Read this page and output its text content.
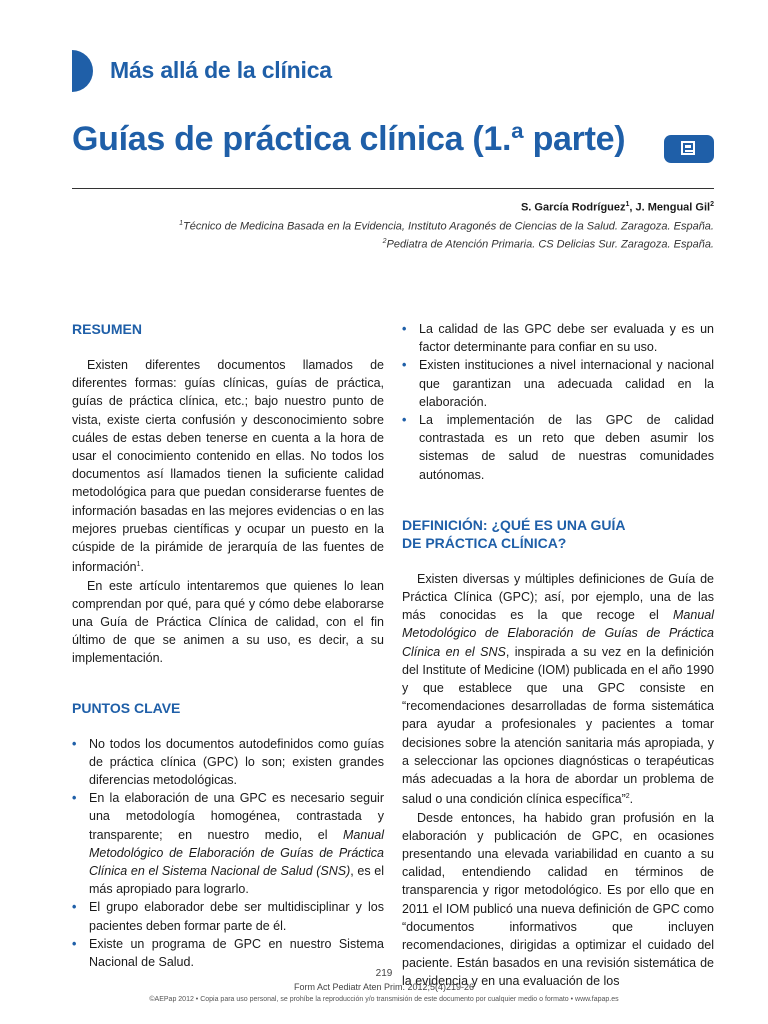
Más allá de la clínica
Guías de práctica clínica (1.ª parte)
S. García Rodríguez$^1$, J. Mengual Gil$^2$
$^1$Técnico de Medicina Basada en la Evidencia, Instituto Aragonés de Ciencias de la Salud. Zaragoza. España.
$^2$Pediatra de Atención Primaria. CS Delicias Sur. Zaragoza. España.
RESUMEN

Existen diferentes documentos llamados de diferentes formas: guías clínicas, guías de práctica, guías de práctica clínica, etc.; bajo nuestro punto de vista, existe cierta confusión y desconocimiento sobre cuáles de estas deben tenerse en cuenta a la hora de usar el conocimiento contenido en ellas. No todos los documentos así llamados tienen la suficiente calidad metodológica para que puedan considerarse fuentes de información basadas en las mejores evidencias o en las mejores pruebas científicas y ocupar un puesto en la cúspide de la pirámide de jerarquía de las fuentes de información$^1$.

En este artículo intentaremos que quienes lo lean comprendan por qué, para qué y cómo debe elaborarse una Guía de Práctica Clínica de calidad, con el fin último de que se animen a su uso, es decir, a su implementación.

PUNTOS CLAVE
• No todos los documentos autodefinidos como guías de práctica clínica (GPC) lo son; existen grandes diferencias metodológicas.
• En la elaboración de una GPC es necesario seguir una metodología homogénea, contrastada y transparente; en nuestro medio, el Manual Metodológico de Elaboración de Guías de Práctica Clínica en el Sistema Nacional de Salud (SNS), es el más apropiado para lograrlo.
• El grupo elaborador debe ser multidisciplinar y los pacientes deben formar parte de él.
• Existe un programa de GPC en nuestro Sistema Nacional de Salud.
• La calidad de las GPC debe ser evaluada y es un factor determinante para confiar en su uso.
• Existen instituciones a nivel internacional y nacional que garantizan una adecuada calidad en la elaboración.
• La implementación de las GPC de calidad contrastada es un reto que deben asumir los sistemas de salud de nuestras comunidades autónomas.
DEFINICIÓN: ¿QUÉ ES UNA GUÍA
DE PRÁCTICA CLÍNICA?

Existen diversas y múltiples definiciones de Guía de Práctica Clínica (GPC); así, por ejemplo, una de las más conocidas es la que recoge el Manual Metodológico de Elaboración de Guías de Práctica Clínica en el SNS, inspirada a su vez en la definición del Institute of Medicine (IOM) publicada en el año 1990 y que establece que una GPC consiste en “recomendaciones desarrolladas de forma sistemática para ayudar a profesionales y pacientes a tomar decisiones sobre la atención sanitaria más apropiada, y a seleccionar las opciones diagnósticas o terapéuticas más adecuadas a la hora de abordar un problema de salud o una condición clínica específica”$^2$.

Desde entonces, ha habido gran profusión en la elaboración y publicación de GPC, en ocasiones presentando una elevada variabilidad en cuanto a su calidad, entendiendo calidad en términos de transparencia y rigor metodológico. Es por ello que en 2011 el IOM publicó una nueva definición de GPC como “documentos informativos que incluyen recomendaciones, dirigidas a optimizar el cuidado del paciente. Están basados en una revisión sistemática de la evidencia y en una evaluación de los

219
Form Act Pediatr Aten Prim. 2012;5(4)219-26
©AEPap 2012 • Copia para uso personal, se prohíbe la reproducción y/o transmisión de este documento por cualquier medio o formato • www.fapap.es
